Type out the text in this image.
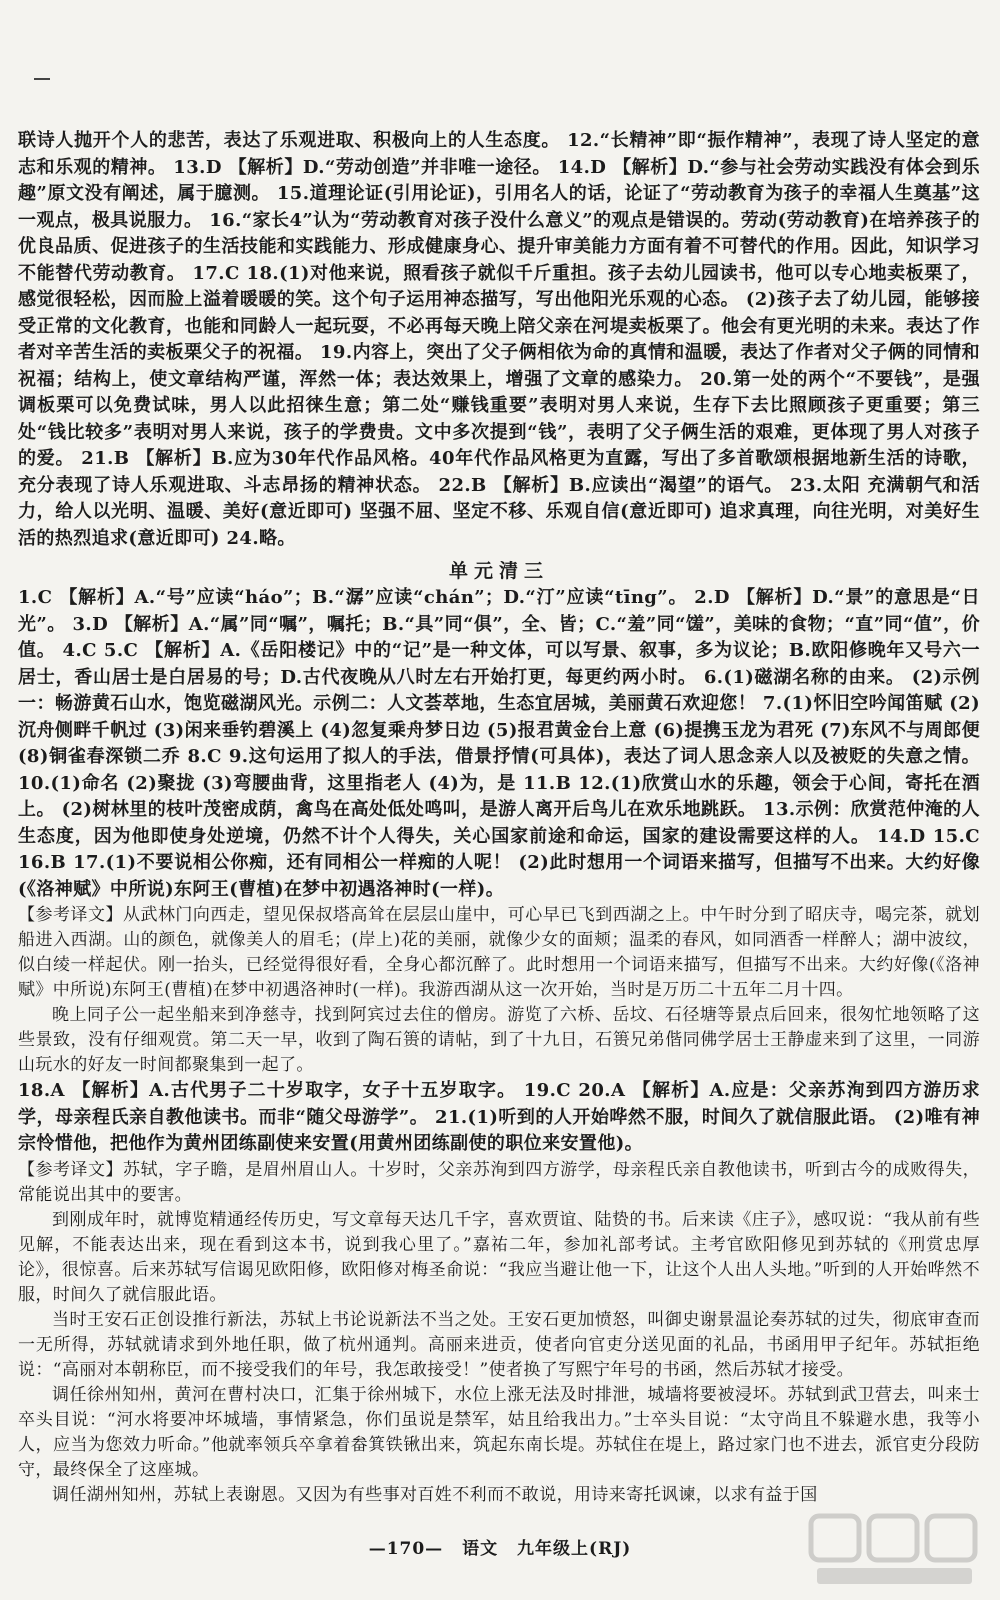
联诗人抛开个人的悲苦，表达了乐观进取、积极向上的人生态度。 12.“长精神”即“振作精神”，表现了诗人坚定的意志和乐观的精神。 13.D 【解析】D.“劳动创造”并非唯一途径。 14.D 【解析】D.“参与社会劳动实践没有体会到乐趣”原文没有阐述，属于臆测。 15.道理论证(引用论证)，引用名人的话，论证了“劳动教育为孩子的幸福人生奠基”这一观点，极具说服力。 16.“家长4”认为“劳动教育对孩子没什么意义”的观点是错误的。劳动(劳动教育)在培养孩子的优良品质、促进孩子的生活技能和实践能力、形成健康身心、提升审美能力方面有着不可替代的作用。因此，知识学习不能替代劳动教育。 17.C 18.(1)对他来说，照看孩子就似千斤重担。孩子去幼儿园读书，他可以专心地卖板栗了，感觉很轻松，因而脸上溢着暖暖的笑。这个句子运用神态描写，写出他阳光乐观的心态。 (2)孩子去了幼儿园，能够接受正常的文化教育，也能和同龄人一起玩耍，不必再每天晚上陪父亲在河堤卖板栗了。他会有更光明的未来。表达了作者对辛苦生活的卖板栗父子的祝福。 19.内容上，突出了父子俩相依为命的真情和温暖，表达了作者对父子俩的同情和祝福；结构上，使文章结构严谨，浑然一体；表达效果上，增强了文章的感染力。 20.第一处的两个“不要钱”，是强调板栗可以免费试味，男人以此招徕生意；第二处“赚钱重要”表明对男人来说，生存下去比照顾孩子更重要；第三处“钱比较多”表明对男人来说，孩子的学费贵。文中多次提到“钱”，表明了父子俩生活的艰难，更体现了男人对孩子的爱。 21.B 【解析】B.应为30年代作品风格。40年代作品风格更为直露，写出了多首歌颂根据地新生活的诗歌，充分表现了诗人乐观进取、斗志昂扬的精神状态。 22.B 【解析】B.应读出“渴望”的语气。 23.太阳 充满朝气和活力，给人以光明、温暖、美好(意近即可) 坚强不屈、坚定不移、乐观自信(意近即可) 追求真理，向往光明，对美好生活的热烈追求(意近即可) 24.略。

单元清三

1.C 【解析】A.“号”应读“háo”；B.“潺”应读“chán”；D.“汀”应读“tīng”。 2.D 【解析】D.“景”的意思是“日光”。 3.D 【解析】A.“属”同“嘱”，嘱托；B.“具”同“俱”，全、皆；C.“羞”同“馐”，美味的食物；“直”同“值”，价值。 4.C 5.C 【解析】A.《岳阳楼记》中的“记”是一种文体，可以写景、叙事，多为议论；B.欧阳修晚年又号六一居士，香山居士是白居易的号；D.古代夜晚从八时左右开始打更，每更约两小时。 6.(1)磁湖名称的由来。 (2)示例一：畅游黄石山水，饱览磁湖风光。示例二：人文荟萃地，生态宜居城，美丽黄石欢迎您！ 7.(1)怀旧空吟闻笛赋 (2)沉舟侧畔千帆过 (3)闲来垂钓碧溪上 (4)忽复乘舟梦日边 (5)报君黄金台上意 (6)提携玉龙为君死 (7)东风不与周郎便 (8)铜雀春深锁二乔 8.C 9.这句运用了拟人的手法，借景抒情(可具体)，表达了词人思念亲人以及被贬的失意之情。 10.(1)命名 (2)聚拢 (3)弯腰曲背，这里指老人 (4)为，是 11.B 12.(1)欣赏山水的乐趣，领会于心间，寄托在酒上。 (2)树林里的枝叶茂密成荫，禽鸟在高处低处鸣叫，是游人离开后鸟儿在欢乐地跳跃。 13.示例：欣赏范仲淹的人生态度，因为他即使身处逆境，仍然不计个人得失，关心国家前途和命运，国家的建设需要这样的人。 14.D 15.C 16.B 17.(1)不要说相公你痴，还有同相公一样痴的人呢！ (2)此时想用一个词语来描写，但描写不出来。大约好像(《洛神赋》中所说)东阿王(曹植)在梦中初遇洛神时(一样)。

【参考译文】从武林门向西走，望见保叔塔高耸在层层山崖中，可心早已飞到西湖之上。中午时分到了昭庆寺，喝完茶，就划船进入西湖。山的颜色，就像美人的眉毛；(岸上)花的美丽，就像少女的面颊；温柔的春风，如同酒香一样醉人；湖中波纹，似白绫一样起伏。刚一抬头，已经觉得很好看，全身心都沉醉了。此时想用一个词语来描写，但描写不出来。大约好像(《洛神赋》中所说)东阿王(曹植)在梦中初遇洛神时(一样)。我游西湖从这一次开始，当时是万历二十五年二月十四。

晚上同子公一起坐船来到净慈寺，找到阿宾过去住的僧房。游览了六桥、岳坟、石径塘等景点后回来，很匆忙地领略了这些景致，没有仔细观赏。第二天一早，收到了陶石篑的请帖，到了十九日，石篑兄弟偕同佛学居士王静虚来到了这里，一同游山玩水的好友一时间都聚集到一起了。

18.A 【解析】A.古代男子二十岁取字，女子十五岁取字。 19.C 20.A 【解析】A.应是：父亲苏洵到四方游历求学，母亲程氏亲自教他读书。而非“随父母游学”。 21.(1)听到的人开始哗然不服，时间久了就信服此语。 (2)唯有神宗怜惜他，把他作为黄州团练副使来安置(用黄州团练副使的职位来安置他)。

【参考译文】苏轼，字子瞻，是眉州眉山人。十岁时，父亲苏洵到四方游学，母亲程氏亲自教他读书，听到古今的成败得失，常能说出其中的要害。

到刚成年时，就博览精通经传历史，写文章每天达几千字，喜欢贾谊、陆贽的书。后来读《庄子》，感叹说：“我从前有些见解，不能表达出来，现在看到这本书，说到我心里了。”嘉祐二年，参加礼部考试。主考官欧阳修见到苏轼的《刑赏忠厚论》，很惊喜。后来苏轼写信谒见欧阳修，欧阳修对梅圣俞说：“我应当避让他一下，让这个人出人头地。”听到的人开始哗然不服，时间久了就信服此语。

当时王安石正创设推行新法，苏轼上书论说新法不当之处。王安石更加愤怒，叫御史谢景温论奏苏轼的过失，彻底审查而一无所得，苏轼就请求到外地任职，做了杭州通判。高丽来进贡，使者向官吏分送见面的礼品，书函用甲子纪年。苏轼拒绝说：“高丽对本朝称臣，而不接受我们的年号，我怎敢接受！”使者换了写熙宁年号的书函，然后苏轼才接受。

调任徐州知州，黄河在曹村决口，汇集于徐州城下，水位上涨无法及时排泄，城墙将要被浸坏。苏轼到武卫营去，叫来士卒头目说：“河水将要冲坏城墙，事情紧急，你们虽说是禁军，姑且给我出力。”士卒头目说：“太守尚且不躲避水患，我等小人，应当为您效力听命。”他就率领兵卒拿着畚箕铁锹出来，筑起东南长堤。苏轼住在堤上，路过家门也不进去，派官吏分段防守，最终保全了这座城。

调任湖州知州，苏轼上表谢恩。又因为有些事对百姓不利而不敢说，用诗来寄托讽谏，以求有益于国

—170— 语文 九年级上(RJ)
